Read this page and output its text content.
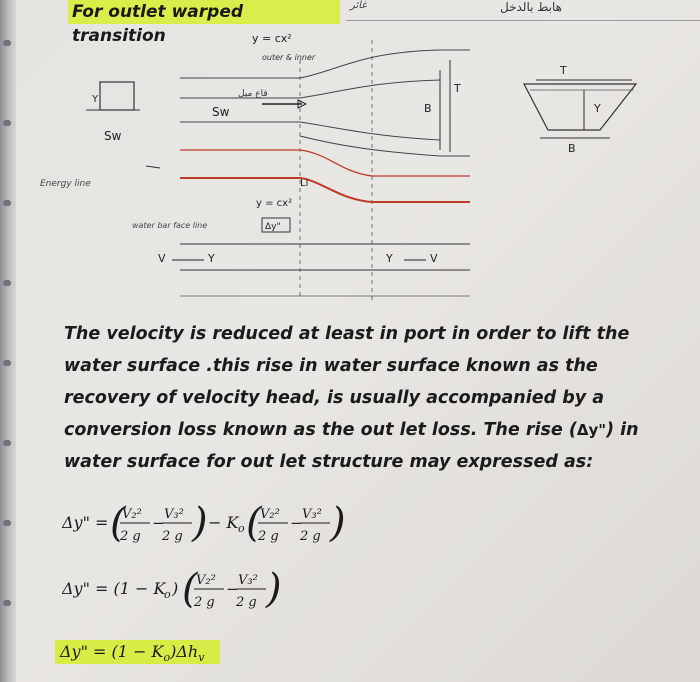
For outlet warped transition
غائر	هابط بالدخل
Y
Sw
B
T
Sw
y = cx²
outer & inner
قاع ميل
Energy line	Li
y = cx²
Δy"
water bar face line
V	Y	Y	V
T
Y
B
The velocity is reduced at least in port in order to lift the
water surface .this rise in water surface known as the
recovery of velocity head, is usually accompanied by a
conversion loss known as the out let loss. The rise (Δy") in
water surface for out let structure may expressed as:
Δy" = (
V₂²
2 g
− V₃²
2 g ) − K o (
V₂²
2 g
− V₃²
2 g )
Δy" = (1 − K
o ) (
V₂²
2 g
− V₃²
2 g )
Δy" = $(1 - K_o)\Delta h_v$
